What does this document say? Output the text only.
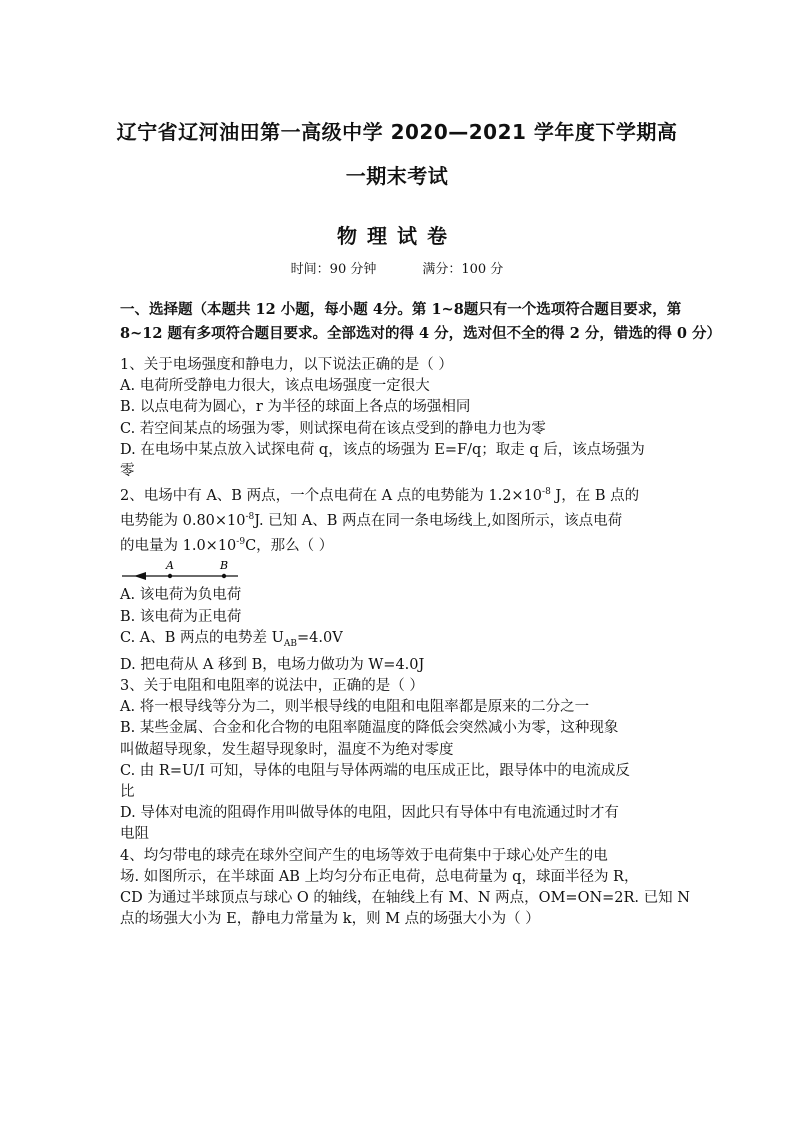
辽宁省辽河油田第一高级中学 2020—2021 学年度下学期高
一期末考试
物理试卷
时间：90 分钟	满分：100 分
一、选择题（本题共 12 小题，每小题 4分。第 1~8题只有一个选项符合题目要求，第
8~12 题有多项符合题目要求。全部选对的得 4 分，选对但不全的得 2 分，错选的得 0 分）
1、关于电场强度和静电力，以下说法正确的是（ ）
A. 电荷所受静电力很大，该点电场强度一定很大
B. 以点电荷为圆心，r 为半径的球面上各点的场强相同
C. 若空间某点的场强为零，则试探电荷在该点受到的静电力也为零
D. 在电场中某点放入试探电荷 q，该点的场强为 E=F/q；取走 q 后，该点场强为
零
2、电场中有 A、B 两点，一个点电荷在 A 点的电势能为 $1.2\times 10^{-8}$ J，在 B 点的
电势能为 $0.80\times 10^{-8}J$. 已知 A、B 两点在同一条电场线上,如图所示，该点电荷
的电量为 $1.0\times 10^{-9}C$，那么（ ）
A	B
A. 该电荷为负电荷
B. 该电荷为正电荷
C. A、B 两点的电势差 $U_{AB}=4.0V$
D. 把电荷从 A 移到 B，电场力做功为 W=4.0J
3、关于电阻和电阻率的说法中，正确的是（ ）
A. 将一根导线等分为二，则半根导线的电阻和电阻率都是原来的二分之一
B. 某些金属、合金和化合物的电阻率随温度的降低会突然减小为零，这种现象
叫做超导现象，发生超导现象时，温度不为绝对零度
C. 由 R=U/I 可知，导体的电阻与导体两端的电压成正比，跟导体中的电流成反
比
D. 导体对电流的阻碍作用叫做导体的电阻，因此只有导体中有电流通过时才有
电阻
4、均匀带电的球壳在球外空间产生的电场等效于电荷集中于球心处产生的电
场. 如图所示，在半球面 AB 上均匀分布正电荷，总电荷量为 q，球面半径为 R，
CD 为通过半球顶点与球心 O 的轴线，在轴线上有 M、N 两点，OM=ON=2R. 已知 N
点的场强大小为 E，静电力常量为 k，则 M 点的场强大小为（ ）
